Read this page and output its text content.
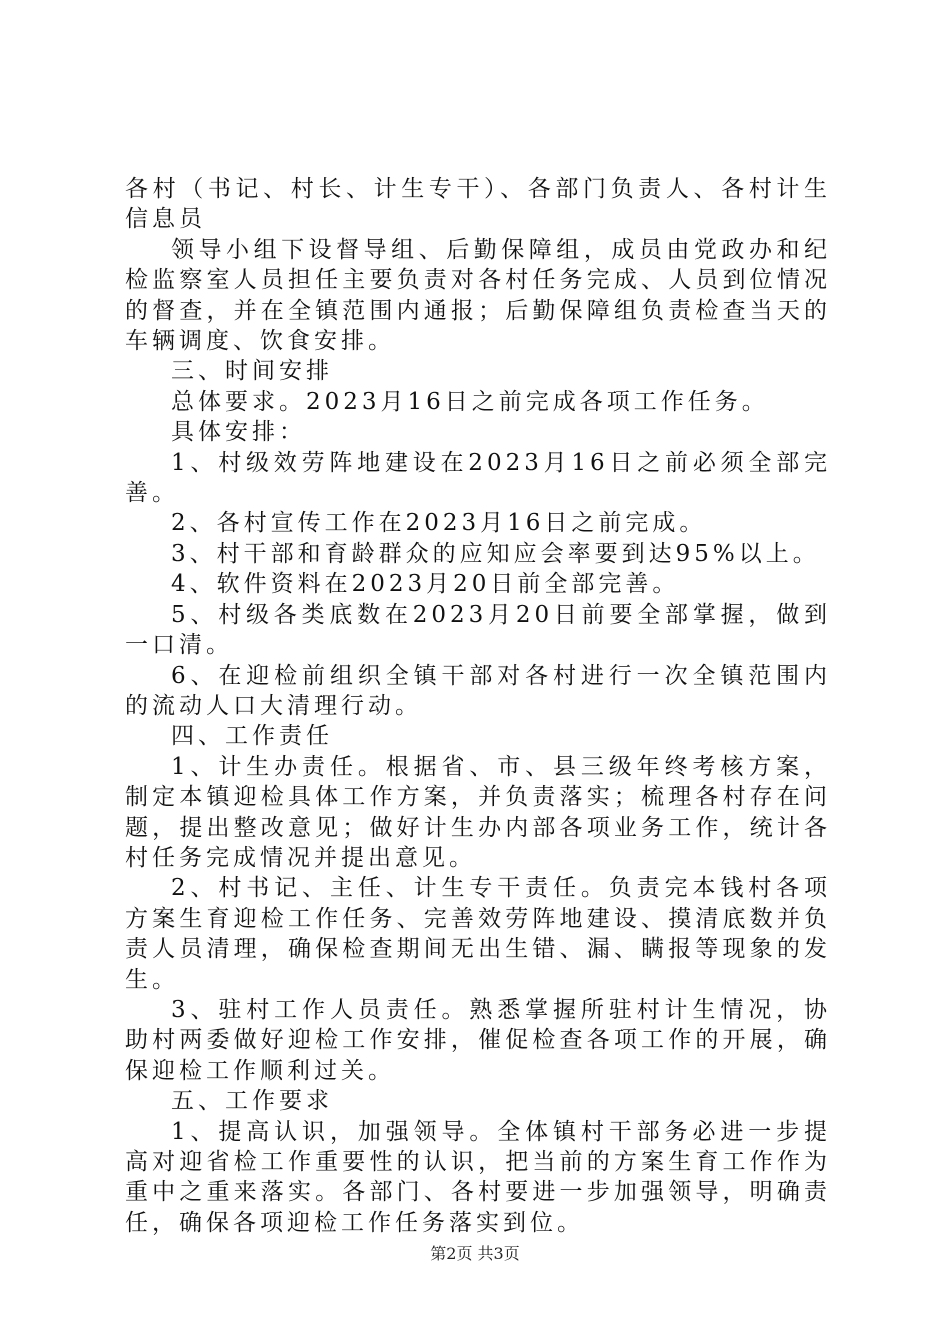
各村（书记、村长、计生专干）、各部门负责人、各村计生信息员

领导小组下设督导组、后勤保障组，成员由党政办和纪检监察室人员担任主要负责对各村任务完成、人员到位情况的督查，并在全镇范围内通报；后勤保障组负责检查当天的车辆调度、饮食安排。

三、时间安排

总体要求。2023月16日之前完成各项工作任务。

具体安排：

1、村级效劳阵地建设在2023月16日之前必须全部完善。

2、各村宣传工作在2023月16日之前完成。

3、村干部和育龄群众的应知应会率要到达95%以上。

4、软件资料在2023月20日前全部完善。

5、村级各类底数在2023月20日前要全部掌握，做到一口清。

6、在迎检前组织全镇干部对各村进行一次全镇范围内的流动人口大清理行动。

四、工作责任

1、计生办责任。根据省、市、县三级年终考核方案，制定本镇迎检具体工作方案，并负责落实；梳理各村存在问题，提出整改意见；做好计生办内部各项业务工作，统计各村任务完成情况并提出意见。

2、村书记、主任、计生专干责任。负责完本钱村各项方案生育迎检工作任务、完善效劳阵地建设、摸清底数并负责人员清理，确保检查期间无出生错、漏、瞒报等现象的发生。

3、驻村工作人员责任。熟悉掌握所驻村计生情况，协助村两委做好迎检工作安排，催促检查各项工作的开展，确保迎检工作顺利过关。

五、工作要求

1、提高认识，加强领导。全体镇村干部务必进一步提高对迎省检工作重要性的认识，把当前的方案生育工作作为重中之重来落实。各部门、各村要进一步加强领导，明确责任，确保各项迎检工作任务落实到位。

第2页 共3页
